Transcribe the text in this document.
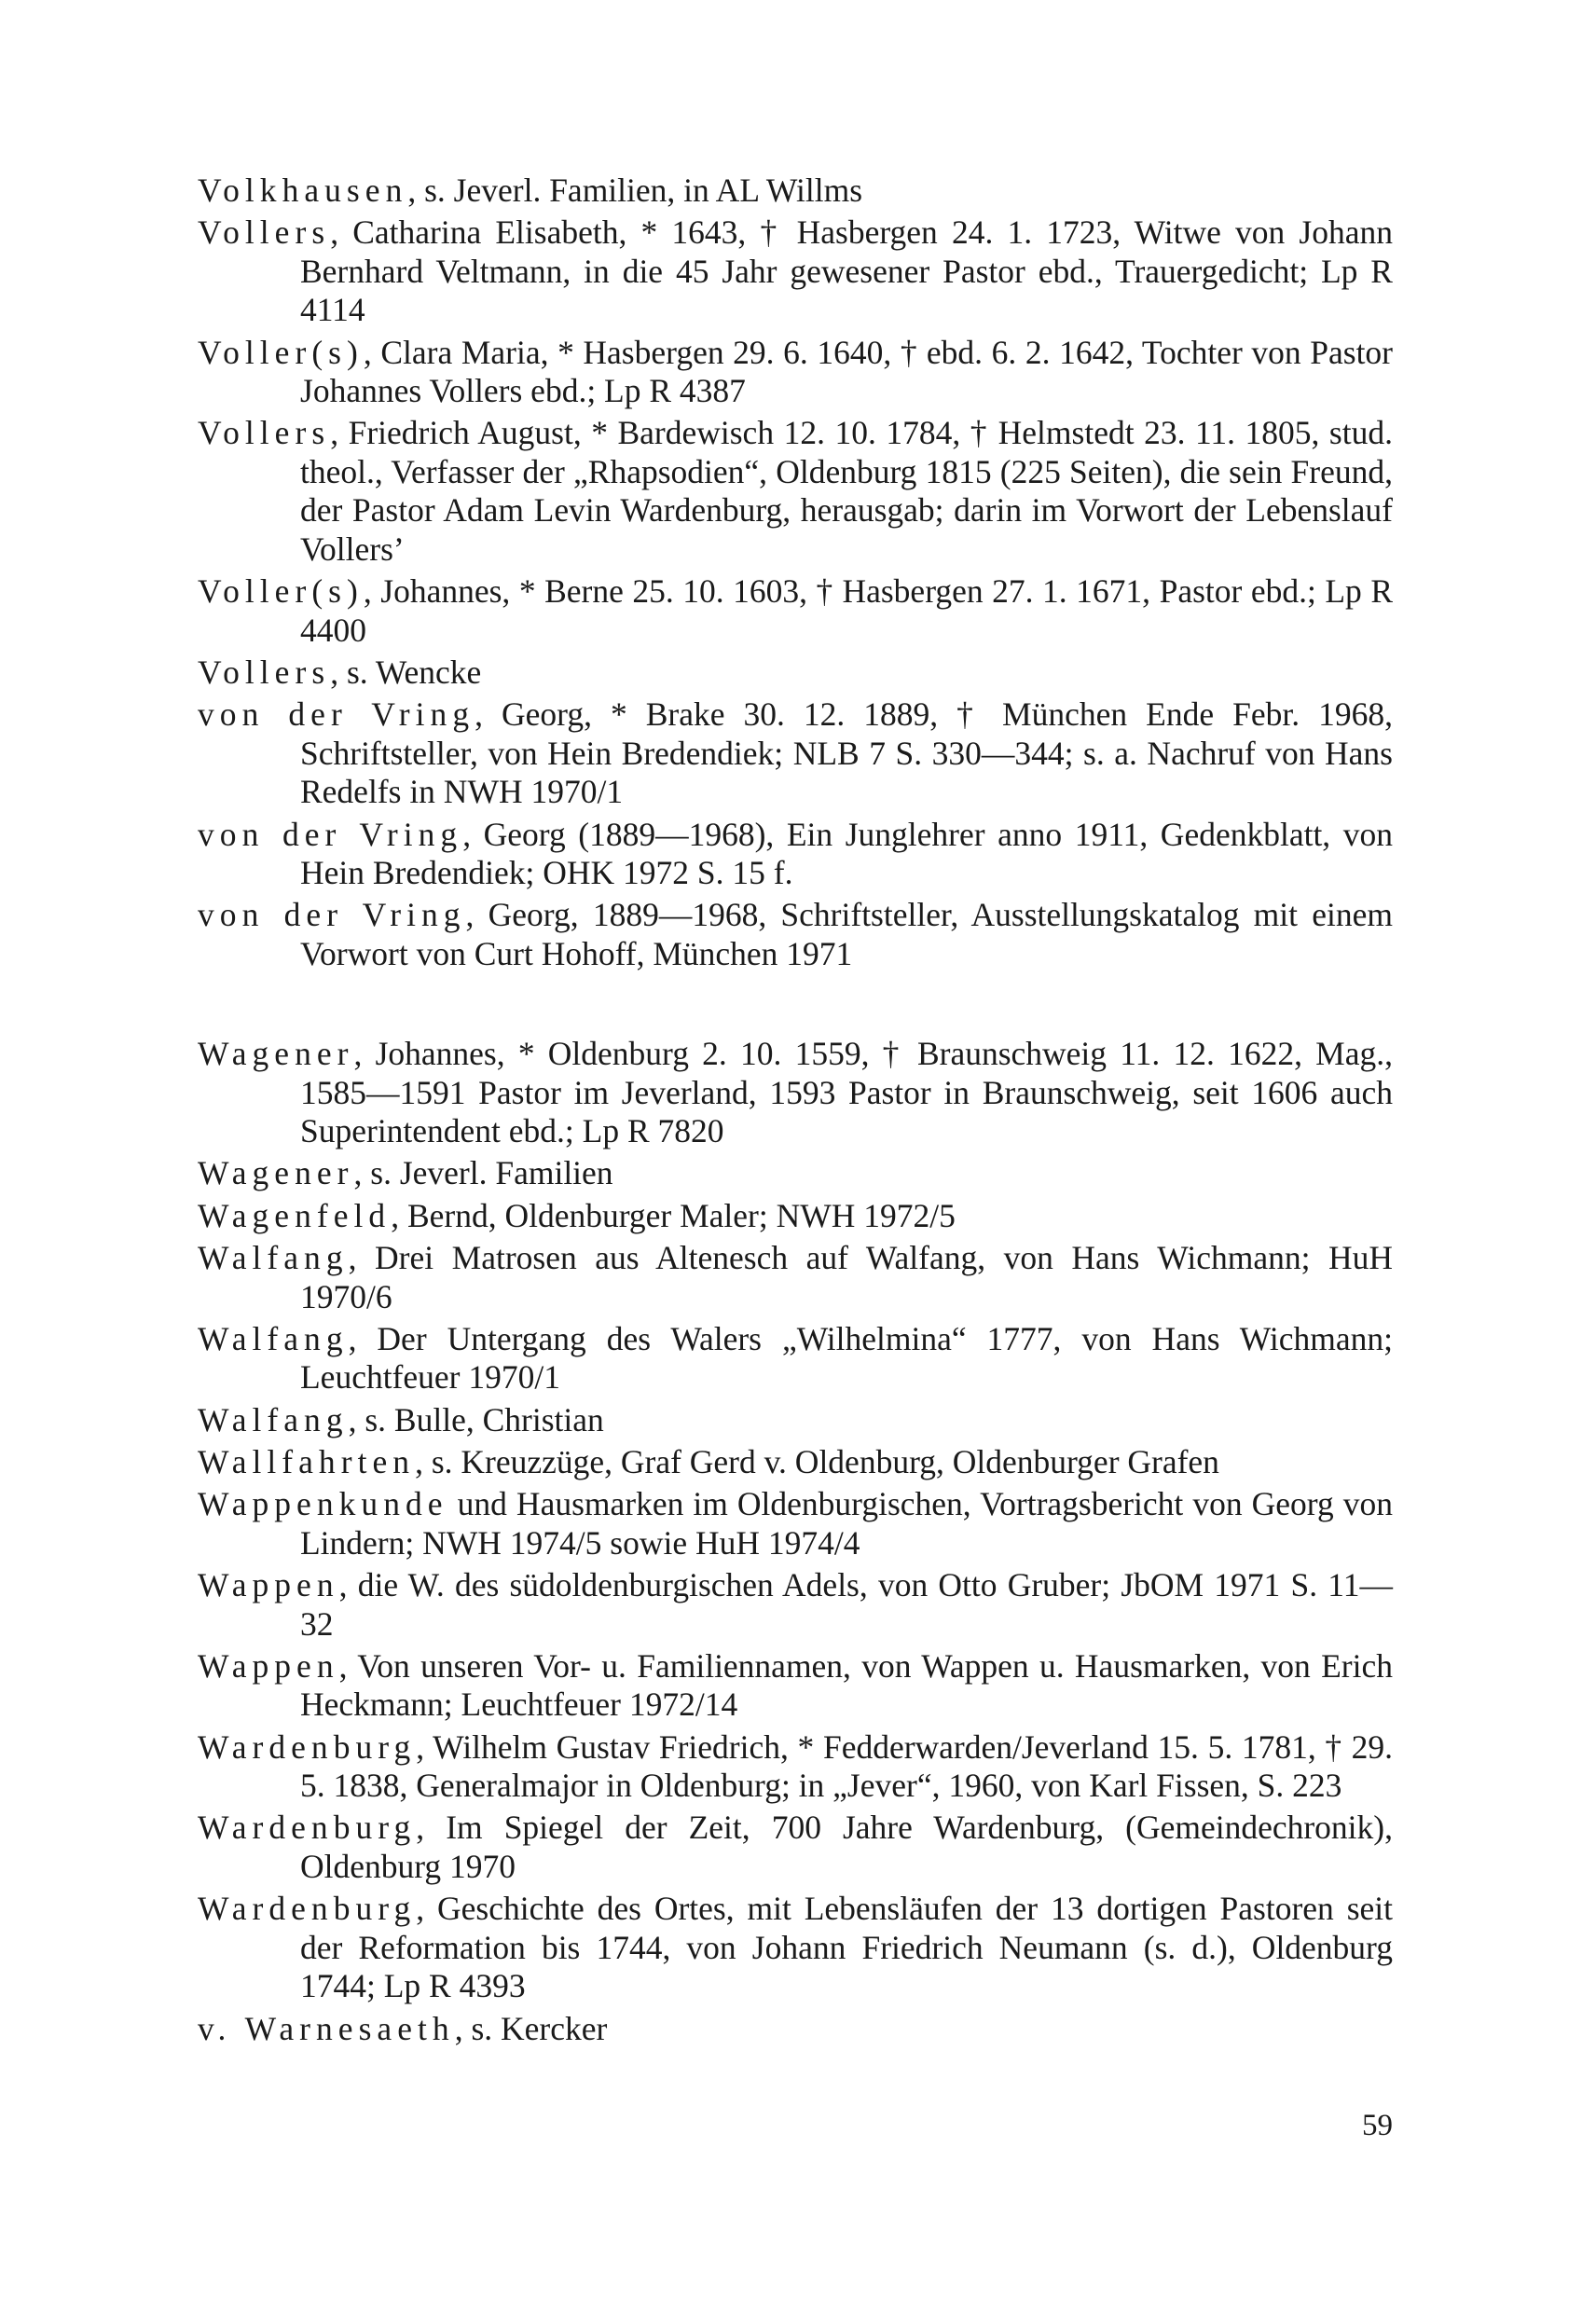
Volkhausen, s. Jeverl. Familien, in AL Willms

Vollers, Catharina Elisabeth, * 1643, † Hasbergen 24. 1. 1723, Witwe von Johann Bernhard Veltmann, in die 45 Jahr gewesener Pastor ebd., Trauergedicht; Lp R 4114

Voller(s), Clara Maria, * Hasbergen 29. 6. 1640, † ebd. 6. 2. 1642, Tochter von Pastor Johannes Vollers ebd.; Lp R 4387

Vollers, Friedrich August, * Bardewisch 12. 10. 1784, † Helmstedt 23. 11. 1805, stud. theol., Verfasser der „Rhapsodien“, Oldenburg 1815 (225 Seiten), die sein Freund, der Pastor Adam Levin Wardenburg, herausgab; darin im Vorwort der Lebenslauf Vollers’

Voller(s), Johannes, * Berne 25. 10. 1603, † Hasbergen 27. 1. 1671, Pastor ebd.; Lp R 4400

Vollers, s. Wencke

von der Vring, Georg, * Brake 30. 12. 1889, † München Ende Febr. 1968, Schriftsteller, von Hein Bredendiek; NLB 7 S. 330—344; s. a. Nachruf von Hans Redelfs in NWH 1970/1

von der Vring, Georg (1889—1968), Ein Junglehrer anno 1911, Gedenkblatt, von Hein Bredendiek; OHK 1972 S. 15 f.

von der Vring, Georg, 1889—1968, Schriftsteller, Ausstellungskatalog mit einem Vorwort von Curt Hohoff, München 1971

Wagener, Johannes, * Oldenburg 2. 10. 1559, † Braunschweig 11. 12. 1622, Mag., 1585—1591 Pastor im Jeverland, 1593 Pastor in Braunschweig, seit 1606 auch Superintendent ebd.; Lp R 7820

Wagener, s. Jeverl. Familien

Wagenfeld, Bernd, Oldenburger Maler; NWH 1972/5

Walfang, Drei Matrosen aus Altenesch auf Walfang, von Hans Wichmann; HuH 1970/6

Walfang, Der Untergang des Walers „Wilhelmina“ 1777, von Hans Wichmann; Leuchtfeuer 1970/1

Walfang, s. Bulle, Christian

Wallfahrten, s. Kreuzzüge, Graf Gerd v. Oldenburg, Oldenburger Grafen

Wappenkunde und Hausmarken im Oldenburgischen, Vortragsbericht von Georg von Lindern; NWH 1974/5 sowie HuH 1974/4

Wappen, die W. des südoldenburgischen Adels, von Otto Gruber; JbOM 1971 S. 11—32

Wappen, Von unseren Vor- u. Familiennamen, von Wappen u. Hausmarken, von Erich Heckmann; Leuchtfeuer 1972/14

Wardenburg, Wilhelm Gustav Friedrich, * Fedderwarden/Jeverland 15. 5. 1781, † 29. 5. 1838, Generalmajor in Oldenburg; in „Jever“, 1960, von Karl Fissen, S. 223

Wardenburg, Im Spiegel der Zeit, 700 Jahre Wardenburg, (Gemeindechronik), Oldenburg 1970

Wardenburg, Geschichte des Ortes, mit Lebensläufen der 13 dortigen Pastoren seit der Reformation bis 1744, von Johann Friedrich Neumann (s. d.), Oldenburg 1744; Lp R 4393

v. Warnesaeth, s. Kercker

59
